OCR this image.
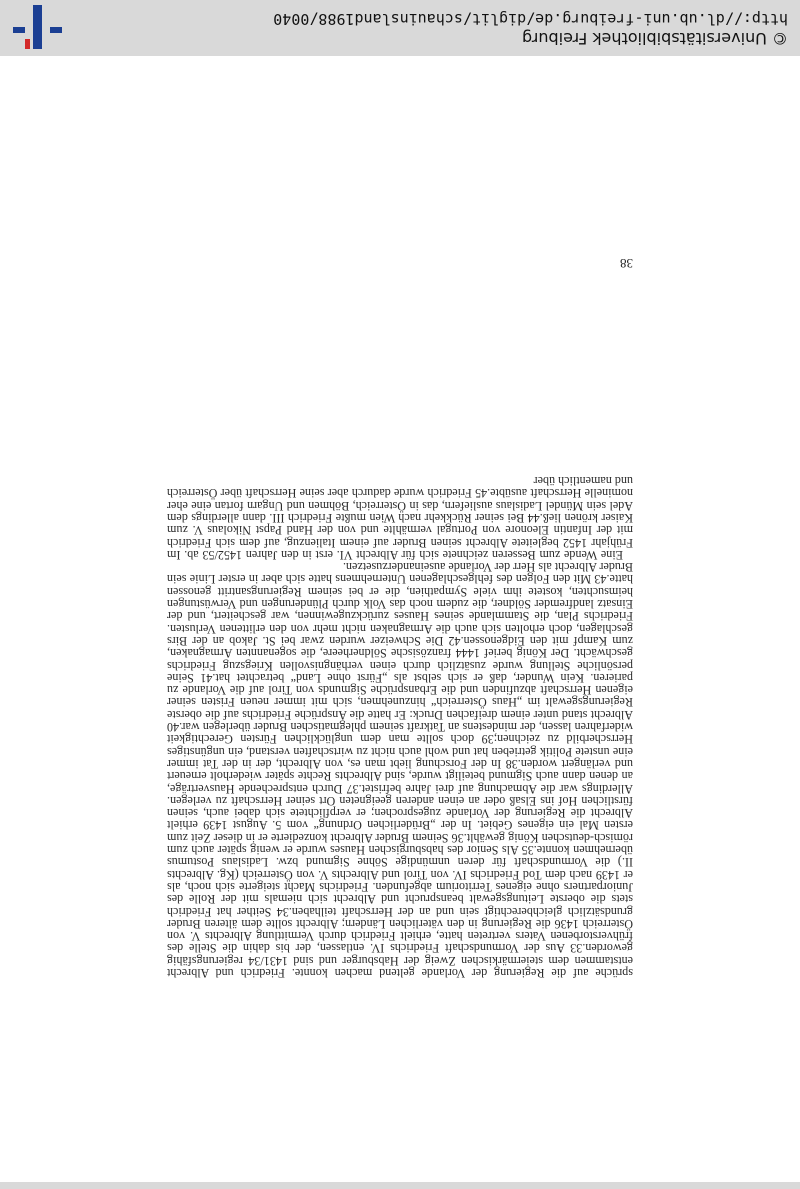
sprüche auf die Regierung der Vorlande geltend machen konnte. Friedrich und Albrecht entstammen dem steiermärkischen Zweig der Habsburger und sind 1431/34 regierungsfähig geworden.33 Aus der Vormundschaft Friedrichs IV. entlassen, der bis dahin die Stelle des frühverstorbenen Vaters vertreten hatte, erhielt Friedrich durch Vermittlung Albrechts V. von Österreich 1436 die Regierung in den väterlichen Ländern; Albrecht sollte dem älteren Bruder grundsätzlich gleichberechtigt sein und an der Herrschaft teilhaben.34 Seither hat Friedrich stets die oberste Leitungsgewalt beansprucht und Albrecht sich niemals mit der Rolle des Juniorpartners ohne eigenes Territorium abgefunden. Friedrichs Macht steigerte sich noch, als er 1439 nach dem Tod Friedrichs IV. von Tirol und Albrechts V. von Österreich (Kg. Albrechts II.) die Vormundschaft für deren unmündige Söhne Sigmund bzw. Ladislaus Postumus übernehmen konnte.35 Als Senior des habsburgischen Hauses wurde er wenig später auch zum römisch-deutschen König gewählt.36 Seinem Bruder Albrecht konzedierte er in dieser Zeit zum ersten Mal ein eigenes Gebiet. In der „Brüderlichen Ordnung“ vom 5. August 1439 erhielt Albrecht die Regierung der Vorlande zugesprochen; er verpflichtete sich dabei auch, seinen fürstlichen Hof ins Elsaß oder an einen anderen geeigneten Ort seiner Herrschaft zu verlegen. Allerdings war die Abmachung auf drei Jahre befristet.37 Durch entsprechende Hausverträge, an denen dann auch Sigmund beteiligt wurde, sind Albrechts Rechte später wiederholt erneuert und verlängert worden.38 In der Forschung liebt man es, von Albrecht, der in der Tat immer eine unstete Politik getrieben hat und wohl auch nicht zu wirtschaften verstand, ein ungünstiges Herrscherbild zu zeichnen;39 doch sollte man dem unglücklichen Fürsten Gerechtigkeit widerfahren lassen, der mindestens an Tatkraft seinem phlegmatischen Bruder überlegen war.40 Albrecht stand unter einem dreifachen Druck: Er hatte die Ansprüche Friedrichs auf die oberste Regierungsgewalt im „Haus Österreich“ hinzunehmen, sich mit immer neuen Fristen seiner eigenen Herrschaft abzufinden und die Erbansprüche Sigmunds von Tirol auf die Vorlande zu parieren. Kein Wunder, daß er sich selbst als „Fürst ohne Land“ betrachtet hat.41 Seine persönliche Stellung wurde zusätzlich durch einen verhängnisvollen Kriegszug Friedrichs geschwächt. Der König berief 1444 französische Söldnerheere, die sogenannten Armagnaken, zum Kampf mit den Eidgenossen.42 Die Schweizer wurden zwar bei St. Jakob an der Birs geschlagen, doch erholten sich auch die Armagnaken nicht mehr von den erlittenen Verlusten. Friedrichs Plan, die Stammlande seines Hauses zurückzugewinnen, war gescheitert, und der Einsatz landfremder Söldner, die zudem noch das Volk durch Plünderungen und Verwüstungen heimsuchten, kostete ihm viele Sympathien, die er bei seinem Regierungsantritt genossen hatte.43 Mit den Folgen des fehlgeschlagenen Unternehmens hatte sich aber in erster Linie sein Bruder Albrecht als Herr der Vorlande auseinanderzusetzen.

Eine Wende zum Besseren zeichnete sich für Albrecht VI. erst in den Jahren 1452/53 ab. Im Frühjahr 1452 begleitete Albrecht seinen Bruder auf einem Italienzug, auf dem sich Friedrich mit der Infantin Eleonore von Portugal vermählte und von der Hand Papst Nikolaus V. zum Kaiser krönen ließ.44 Bei seiner Rückkehr nach Wien mußte Friedrich III. dann allerdings dem Adel sein Mündel Ladislaus ausliefern, das in Österreich, Böhmen und Ungarn fortan eine eher nominelle Herrschaft ausübte.45 Friedrich wurde dadurch aber seine Herrschaft über Österreich und namentlich über

38
© Universitätsbibliothek Freiburg
http://dl.ub.uni-freiburg.de/diglit/schauinsland1988/0040
